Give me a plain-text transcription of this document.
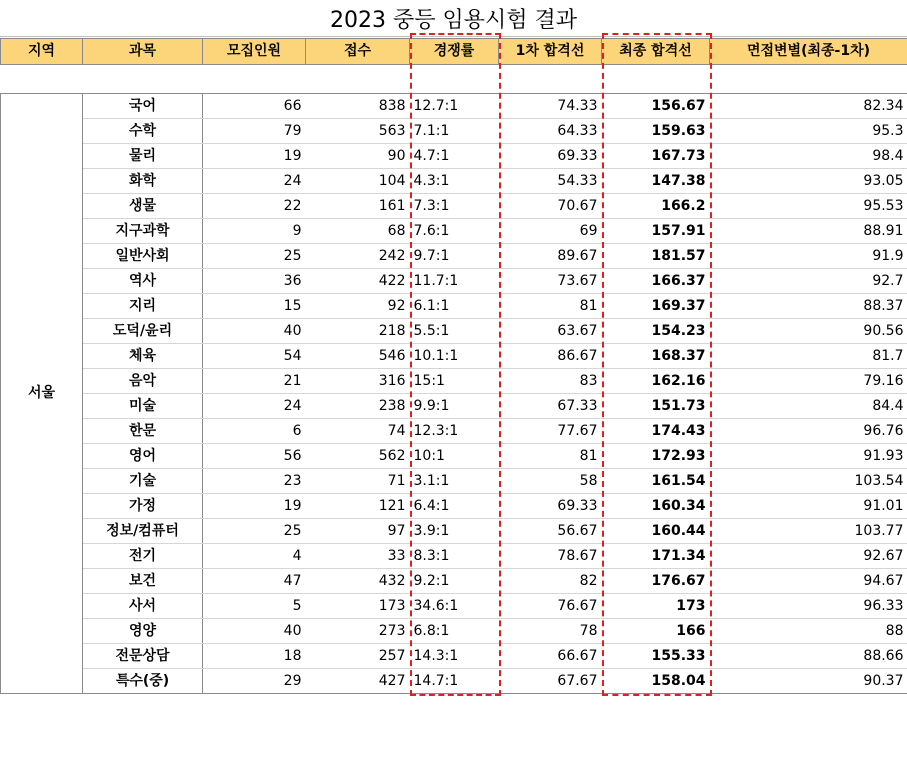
2023 중등 임용시험 결과

지역	과목	모집인원	접수	경쟁률	1차 합격선	최종 합격선	면접변별(최종-1차)
서울	국어	66	838	12.7:1	74.33	156.67	82.34
	수학	79	563	7.1:1	64.33	159.63	95.3
	물리	19	90	4.7:1	69.33	167.73	98.4
	화학	24	104	4.3:1	54.33	147.38	93.05
	생물	22	161	7.3:1	70.67	166.2	95.53
	지구과학	9	68	7.6:1	69	157.91	88.91
	일반사회	25	242	9.7:1	89.67	181.57	91.9
	역사	36	422	11.7:1	73.67	166.37	92.7
	지리	15	92	6.1:1	81	169.37	88.37
	도덕/윤리	40	218	5.5:1	63.67	154.23	90.56
	체육	54	546	10.1:1	86.67	168.37	81.7
	음악	21	316	15:1	83	162.16	79.16
	미술	24	238	9.9:1	67.33	151.73	84.4
	한문	6	74	12.3:1	77.67	174.43	96.76
	영어	56	562	10:1	81	172.93	91.93
	기술	23	71	3.1:1	58	161.54	103.54
	가정	19	121	6.4:1	69.33	160.34	91.01
	정보/컴퓨터	25	97	3.9:1	56.67	160.44	103.77
	전기	4	33	8.3:1	78.67	171.34	92.67
	보건	47	432	9.2:1	82	176.67	94.67
	사서	5	173	34.6:1	76.67	173	96.33
	영양	40	273	6.8:1	78	166	88
	전문상담	18	257	14.3:1	66.67	155.33	88.66
	특수(중)	29	427	14.7:1	67.67	158.04	90.37
